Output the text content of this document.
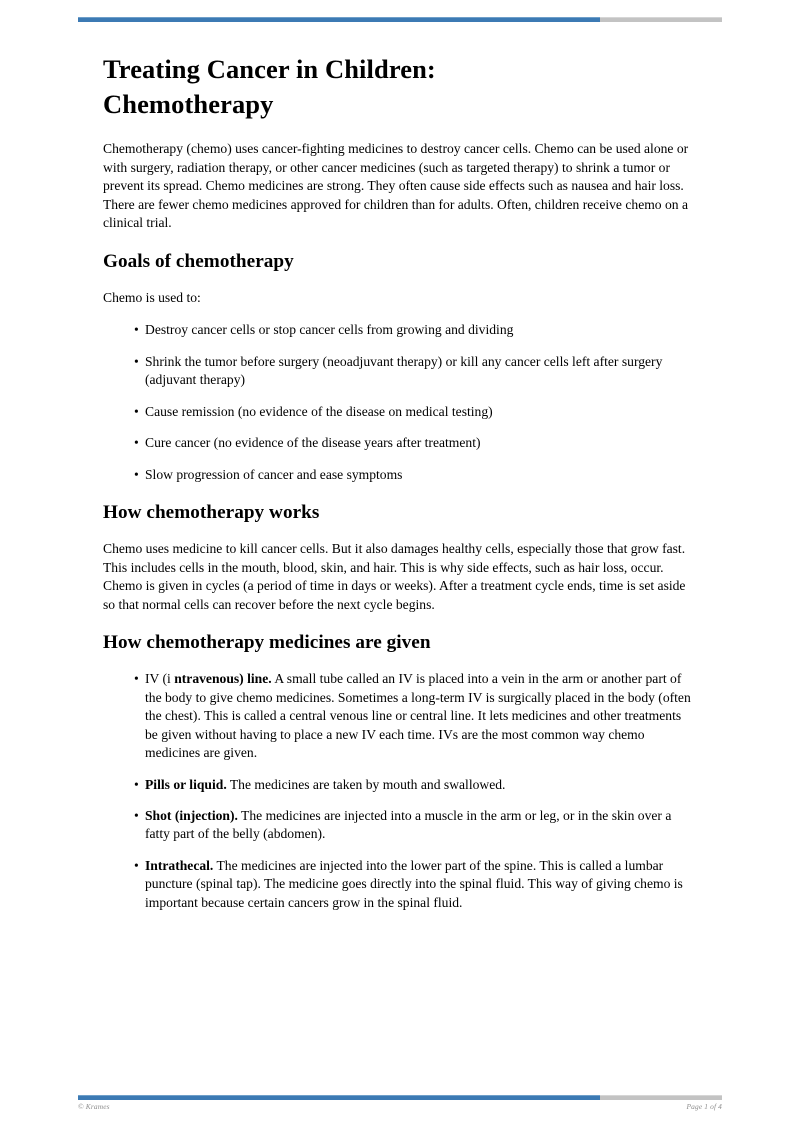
Treating Cancer in Children: Chemotherapy

Chemotherapy (chemo) uses cancer-fighting medicines to destroy cancer cells. Chemo can be used alone or with surgery, radiation therapy, or other cancer medicines (such as targeted therapy) to shrink a tumor or prevent its spread. Chemo medicines are strong. They often cause side effects such as nausea and hair loss. There are fewer chemo medicines approved for children than for adults. Often, children receive chemo on a clinical trial.

Goals of chemotherapy

Chemo is used to:

• Destroy cancer cells or stop cancer cells from growing and dividing
• Shrink the tumor before surgery (neoadjuvant therapy) or kill any cancer cells left after surgery (adjuvant therapy)
• Cause remission (no evidence of the disease on medical testing)
• Cure cancer (no evidence of the disease years after treatment)
• Slow progression of cancer and ease symptoms
How chemotherapy works

Chemo uses medicine to kill cancer cells. But it also damages healthy cells, especially those that grow fast. This includes cells in the mouth, blood, skin, and hair. This is why side effects, such as hair loss, occur. Chemo is given in cycles (a period of time in days or weeks). After a treatment cycle ends, time is set aside so that normal cells can recover before the next cycle begins.

How chemotherapy medicines are given
• IV (i ntravenous) line. A small tube called an IV is placed into a vein in the arm or another part of the body to give chemo medicines. Sometimes a long-term IV is surgically placed in the body (often the chest). This is called a central venous line or central line. It lets medicines and other treatments be given without having to place a new IV each time. IVs are the most common way chemo medicines are given.
• Pills or liquid. The medicines are taken by mouth and swallowed.
• Shot (injection). The medicines are injected into a muscle in the arm or leg, or in the skin over a fatty part of the belly (abdomen).
• Intrathecal. The medicines are injected into the lower part of the spine. This is called a lumbar puncture (spinal tap). The medicine goes directly into the spinal fluid. This way of giving chemo is important because certain cancers grow in the spinal fluid.
© Krames	Page 1 of 4
